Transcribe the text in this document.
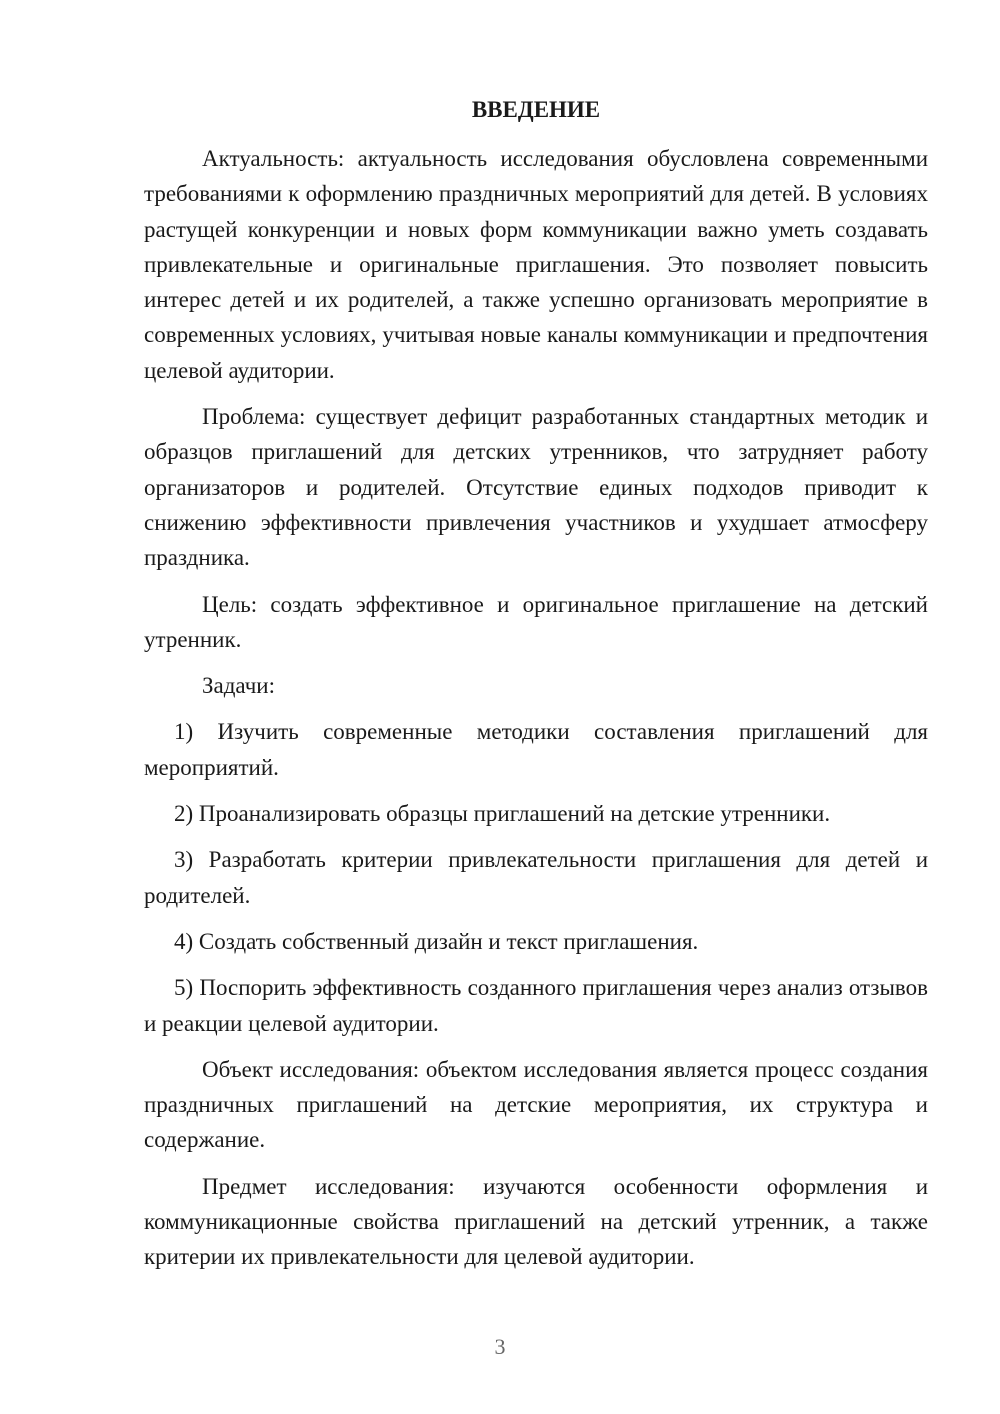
ВВЕДЕНИЕ

Актуальность: актуальность исследования обусловлена современными требованиями к оформлению праздничных мероприятий для детей. В условиях растущей конкуренции и новых форм коммуникации важно уметь создавать привлекательные и оригинальные приглашения. Это позволяет повысить интерес детей и их родителей, а также успешно организовать мероприятие в современных условиях, учитывая новые каналы коммуникации и предпочтения целевой аудитории.

Проблема: существует дефицит разработанных стандартных методик и образцов приглашений для детских утренников, что затрудняет работу организаторов и родителей. Отсутствие единых подходов приводит к снижению эффективности привлечения участников и ухудшает атмосферу праздника.

Цель: создать эффективное и оригинальное приглашение на детский утренник.

Задачи:

1) Изучить современные методики составления приглашений для мероприятий.

2) Проанализировать образцы приглашений на детские утренники.

3) Разработать критерии привлекательности приглашения для детей и родителей.

4) Создать собственный дизайн и текст приглашения.

5) Поспорить эффективность созданного приглашения через анализ отзывов и реакции целевой аудитории.

Объект исследования: объектом исследования является процесс создания праздничных приглашений на детские мероприятия, их структура и содержание.

Предмет исследования: изучаются особенности оформления и коммуникационные свойства приглашений на детский утренник, а также критерии их привлекательности для целевой аудитории.

3
